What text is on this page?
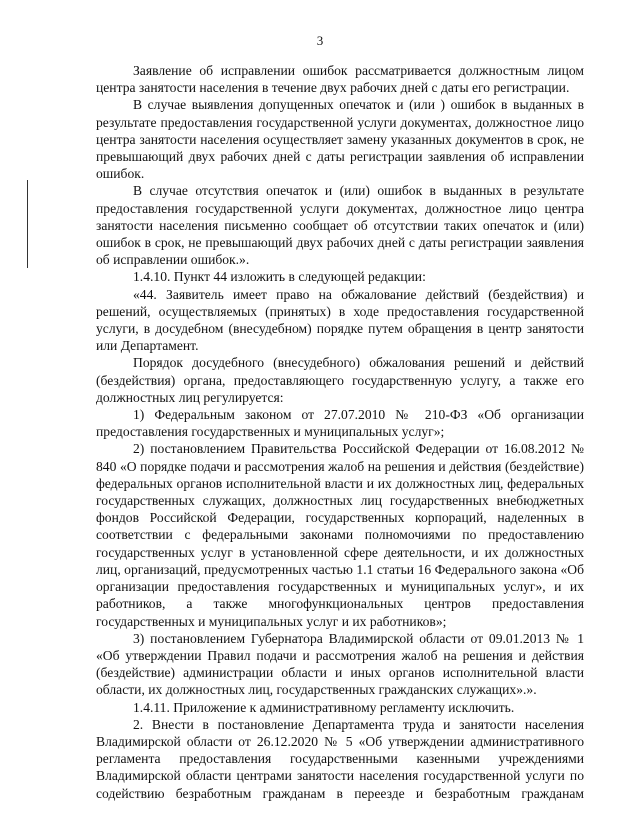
3

Заявление об исправлении ошибок рассматривается должностным лицом центра занятости населения в течение двух рабочих дней с даты его регистрации.

В случае выявления допущенных опечаток и (или ) ошибок в выданных в результате предоставления государственной услуги документах, должностное лицо центра занятости населения осуществляет замену указанных документов в срок, не превышающий двух рабочих дней с даты регистрации заявления об исправлении ошибок.

В случае отсутствия опечаток и (или) ошибок в выданных в результате предоставления государственной услуги документах, должностное лицо центра занятости населения письменно сообщает об отсутствии таких опечаток и (или) ошибок в срок, не превышающий двух рабочих дней с даты регистрации заявления об исправлении ошибок.».

1.4.10. Пункт 44 изложить в следующей редакции:

«44. Заявитель имеет право на обжалование действий (бездействия) и решений, осуществляемых (принятых) в ходе предоставления государственной услуги, в досудебном (внесудебном) порядке путем обращения в центр занятости или Департамент.

Порядок досудебного (внесудебного) обжалования решений и действий (бездействия) органа, предоставляющего государственную услугу, а также его должностных лиц регулируется:

1) Федеральным законом от 27.07.2010 № 210-ФЗ «Об организации предоставления государственных и муниципальных услуг»;

2) постановлением Правительства Российской Федерации от 16.08.2012 № 840 «О порядке подачи и рассмотрения жалоб на решения и действия (бездействие) федеральных органов исполнительной власти и их должностных лиц, федеральных государственных служащих, должностных лиц государственных внебюджетных фондов Российской Федерации, государственных корпораций, наделенных в соответствии с федеральными законами полномочиями по предоставлению государственных услуг в установленной сфере деятельности, и их должностных лиц, организаций, предусмотренных частью 1.1 статьи 16 Федерального закона «Об организации предоставления государственных и муниципальных услуг», и их работников, а также многофункциональных центров предоставления государственных и муниципальных услуг и их работников»;

3) постановлением Губернатора Владимирской области от 09.01.2013 № 1 «Об утверждении Правил подачи и рассмотрения жалоб на решения и действия (бездействие) администрации области и иных органов исполнительной власти области, их должностных лиц, государственных гражданских служащих».».

1.4.11. Приложение к административному регламенту исключить.

2. Внести в постановление Департамента труда и занятости населения Владимирской области от 26.12.2020 № 5 «Об утверждении административного регламента предоставления государственными казенными учреждениями Владимирской области центрами занятости населения государственной услуги по содействию безработным гражданам в переезде и безработным гражданам
